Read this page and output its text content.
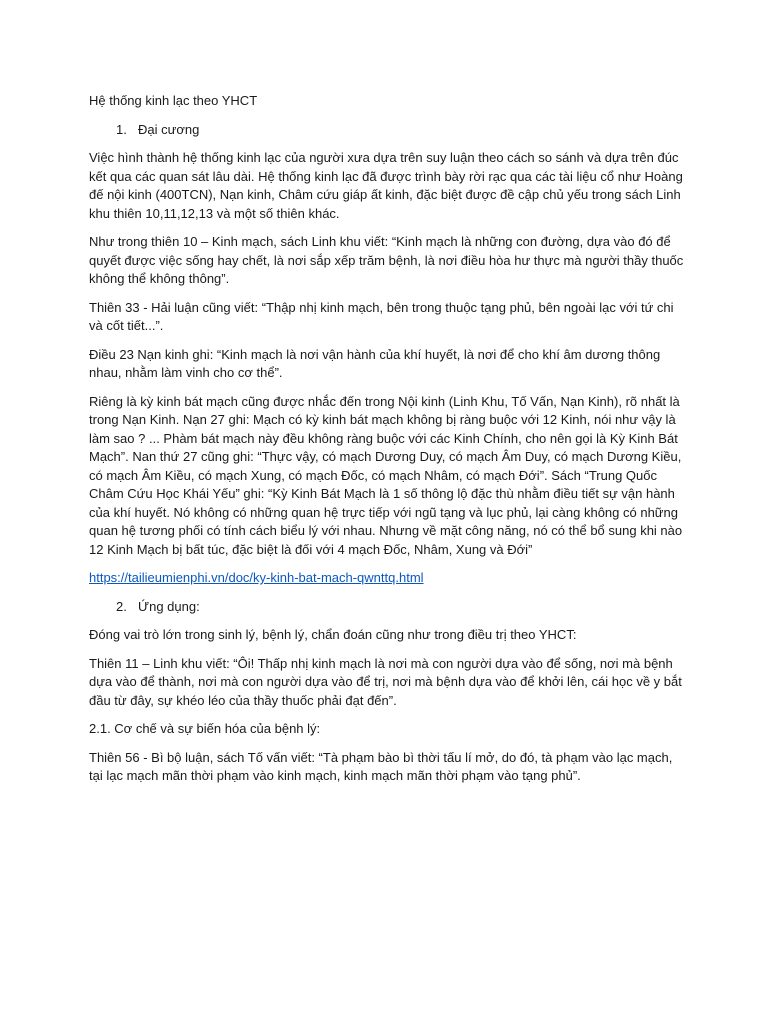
Hệ thống kinh lạc theo YHCT

1. Đại cương

Việc hình thành hệ thống kinh lạc của người xưa dựa trên suy luận theo cách so sánh và dựa trên đúc kết qua các quan sát lâu dài. Hệ thống kinh lạc đã được trình bày rời rạc qua các tài liệu cổ như Hoàng đế nội kinh (400TCN), Nạn kinh, Châm cứu giáp ất kinh, đặc biệt được đề cập chủ yếu trong sách Linh khu thiên 10,11,12,13 và một số thiên khác.

Như trong thiên 10 – Kinh mạch, sách Linh khu viết: “Kinh mạch là những con đường, dựa vào đó để quyết được việc sống hay chết, là nơi sắp xếp trăm bệnh, là nơi điều hòa hư thực mà người thầy thuốc không thể không thông”.

Thiên 33 - Hải luận cũng viết: “Thập nhị kinh mạch, bên trong thuộc tạng phủ, bên ngoài lạc với tứ chi và cốt tiết...”.

Điều 23 Nạn kinh ghi: “Kinh mạch là nơi vận hành của khí huyết, là nơi để cho khí âm dương thông nhau, nhằm làm vinh cho cơ thể”.

Riêng là kỳ kinh bát mạch cũng được nhắc đến trong Nội kinh (Linh Khu, Tố Vấn, Nạn Kinh), rõ nhất là trong Nạn Kinh. Nạn 27 ghi: Mạch có kỳ kinh bát mạch không bị ràng buộc với 12 Kinh, nói như vậy là làm sao ? ... Phàm bát mạch này đều không ràng buộc với các Kinh Chính, cho nên gọi là Kỳ Kinh Bát Mạch”. Nan thứ 27 cũng ghi: “Thực vậy, có mạch Dương Duy, có mạch Âm Duy, có mạch Dương Kiều, có mạch Âm Kiều, có mạch Xung, có mạch Đốc, có mạch Nhâm, có mạch Đới”. Sách “Trung Quốc Châm Cứu Học Khái Yếu” ghi: “Kỳ Kinh Bát Mạch là 1 số thông lộ đặc thù nhằm điều tiết sự vận hành của khí huyết. Nó không có những quan hệ trực tiếp với ngũ tạng và lục phủ, lại càng không có những quan hệ tương phối có tính cách biểu lý với nhau. Nhưng về mặt công năng, nó có thể bổ sung khi nào 12 Kinh Mạch bị bất túc, đặc biệt là đối với 4 mạch Đốc, Nhâm, Xung và Đới”

https://tailieumienphi.vn/doc/ky-kinh-bat-mach-qwnttq.html

2. Ứng dụng:

Đóng vai trò lớn trong sinh lý, bệnh lý, chẩn đoán cũng như trong điều trị theo YHCT:

Thiên 11 – Linh khu viết: “Ôi! Thấp nhị kinh mạch là nơi mà con người dựa vào để sống, nơi mà bệnh dựa vào để thành, nơi mà con người dựa vào để trị, nơi mà bệnh dựa vào để khởi lên, cái học về y bắt đầu từ đây, sự khéo léo của thầy thuốc phải đạt đến”.

2.1. Cơ chế và sự biến hóa của bệnh lý:

Thiên 56 - Bì bộ luận, sách Tố vấn viết: “Tà phạm bào bì thời tấu lí mở, do đó, tà phạm vào lạc mạch, tại lạc mạch mãn thời phạm vào kinh mạch, kinh mạch mãn thời phạm vào tạng phủ”.
